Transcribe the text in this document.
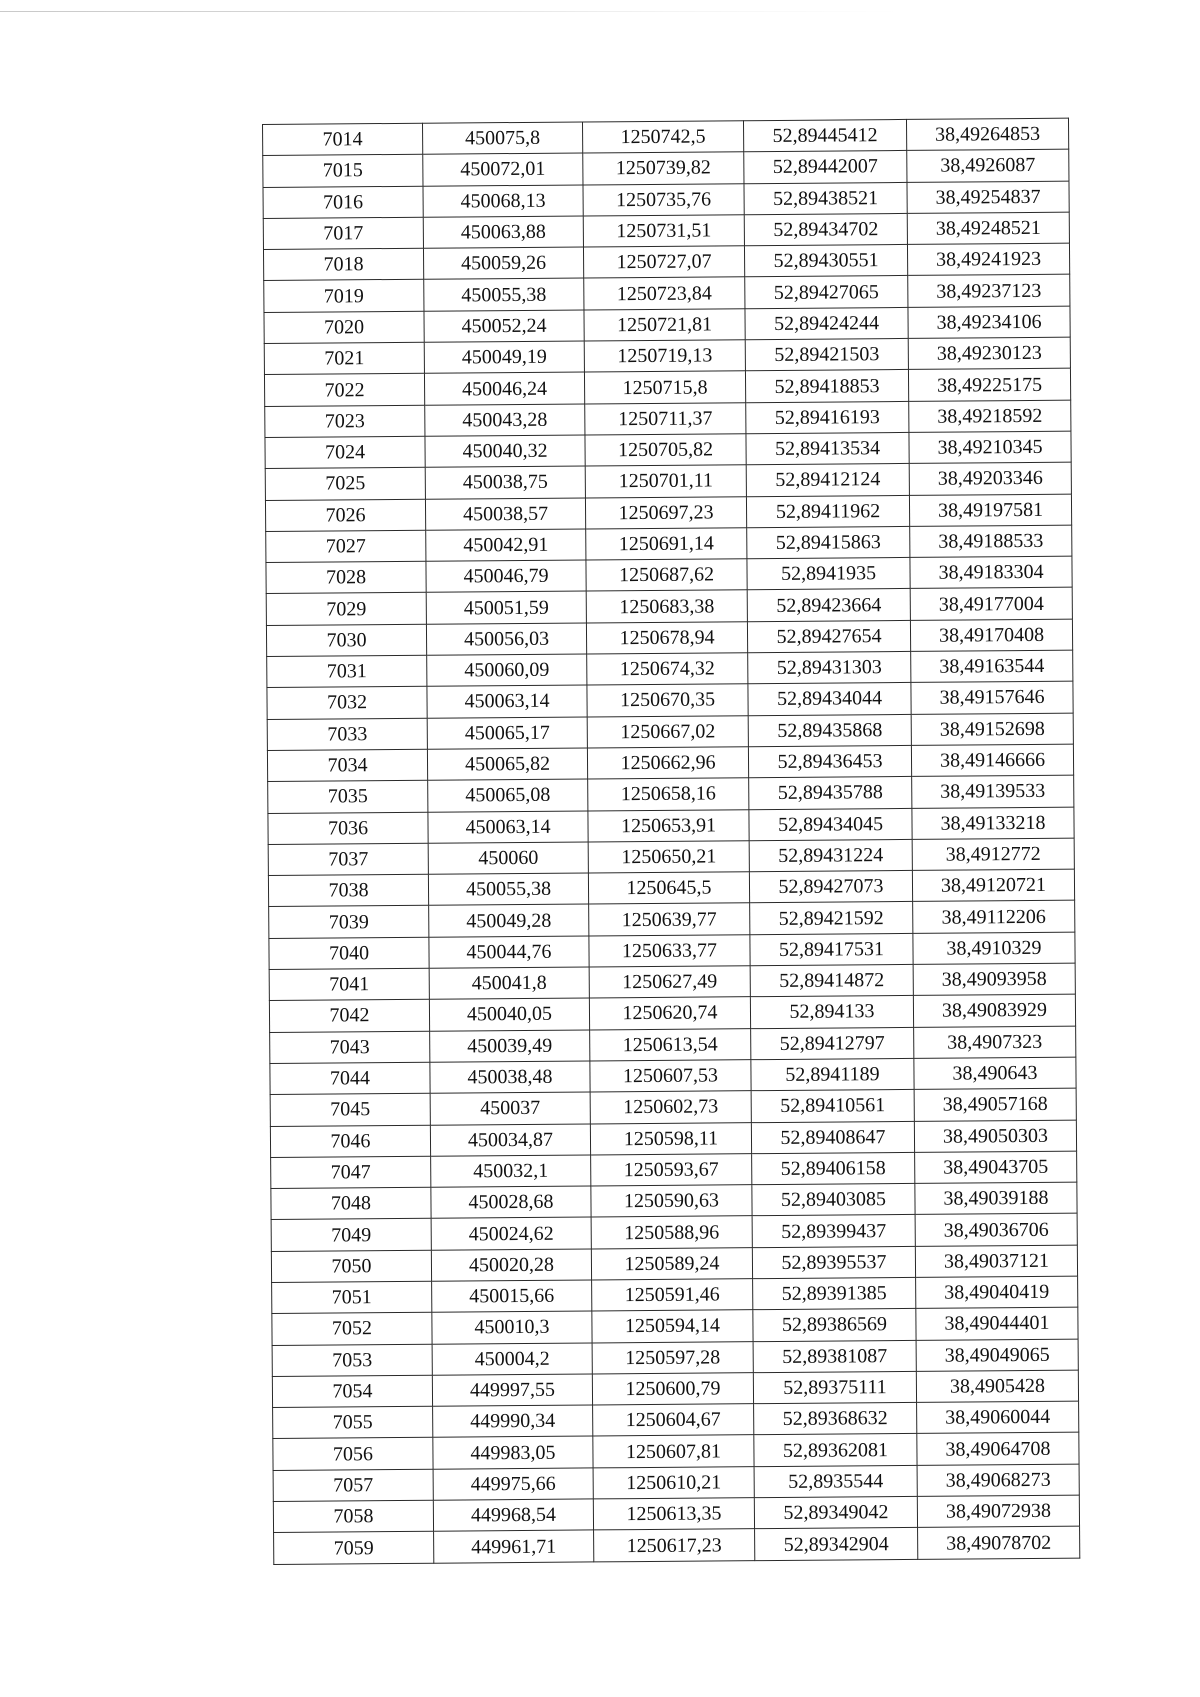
7014	450075,8	1250742,5	52,89445412	38,49264853
7015	450072,01	1250739,82	52,89442007	38,4926087
7016	450068,13	1250735,76	52,89438521	38,49254837
7017	450063,88	1250731,51	52,89434702	38,49248521
7018	450059,26	1250727,07	52,89430551	38,49241923
7019	450055,38	1250723,84	52,89427065	38,49237123
7020	450052,24	1250721,81	52,89424244	38,49234106
7021	450049,19	1250719,13	52,89421503	38,49230123
7022	450046,24	1250715,8	52,89418853	38,49225175
7023	450043,28	1250711,37	52,89416193	38,49218592
7024	450040,32	1250705,82	52,89413534	38,49210345
7025	450038,75	1250701,11	52,89412124	38,49203346
7026	450038,57	1250697,23	52,89411962	38,49197581
7027	450042,91	1250691,14	52,89415863	38,49188533
7028	450046,79	1250687,62	52,8941935	38,49183304
7029	450051,59	1250683,38	52,89423664	38,49177004
7030	450056,03	1250678,94	52,89427654	38,49170408
7031	450060,09	1250674,32	52,89431303	38,49163544
7032	450063,14	1250670,35	52,89434044	38,49157646
7033	450065,17	1250667,02	52,89435868	38,49152698
7034	450065,82	1250662,96	52,89436453	38,49146666
7035	450065,08	1250658,16	52,89435788	38,49139533
7036	450063,14	1250653,91	52,89434045	38,49133218
7037	450060	1250650,21	52,89431224	38,4912772
7038	450055,38	1250645,5	52,89427073	38,49120721
7039	450049,28	1250639,77	52,89421592	38,49112206
7040	450044,76	1250633,77	52,89417531	38,4910329
7041	450041,8	1250627,49	52,89414872	38,49093958
7042	450040,05	1250620,74	52,894133	38,49083929
7043	450039,49	1250613,54	52,89412797	38,4907323
7044	450038,48	1250607,53	52,8941189	38,490643
7045	450037	1250602,73	52,89410561	38,49057168
7046	450034,87	1250598,11	52,89408647	38,49050303
7047	450032,1	1250593,67	52,89406158	38,49043705
7048	450028,68	1250590,63	52,89403085	38,49039188
7049	450024,62	1250588,96	52,89399437	38,49036706
7050	450020,28	1250589,24	52,89395537	38,49037121
7051	450015,66	1250591,46	52,89391385	38,49040419
7052	450010,3	1250594,14	52,89386569	38,49044401
7053	450004,2	1250597,28	52,89381087	38,49049065
7054	449997,55	1250600,79	52,89375111	38,4905428
7055	449990,34	1250604,67	52,89368632	38,49060044
7056	449983,05	1250607,81	52,89362081	38,49064708
7057	449975,66	1250610,21	52,8935544	38,49068273
7058	449968,54	1250613,35	52,89349042	38,49072938
7059	449961,71	1250617,23	52,89342904	38,49078702
